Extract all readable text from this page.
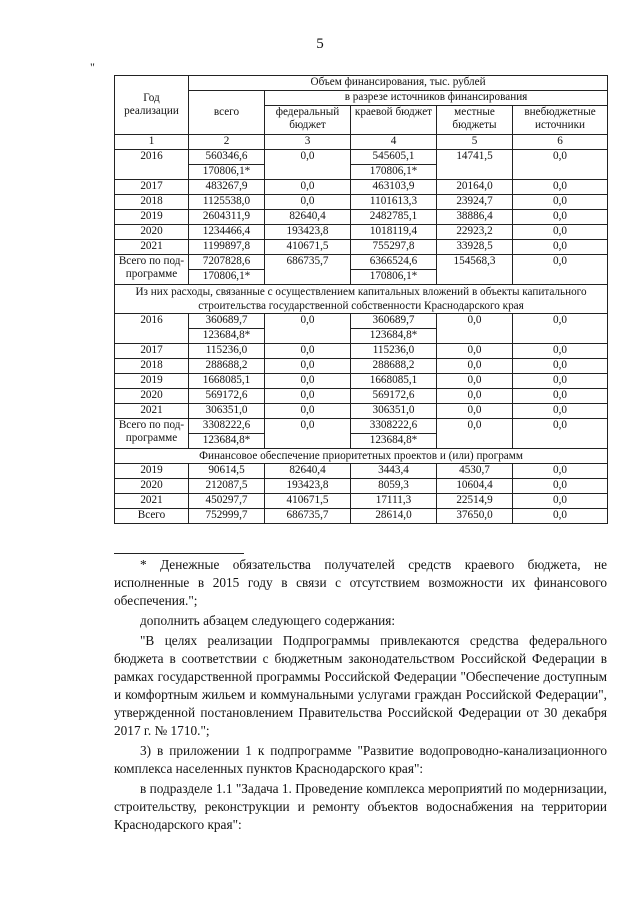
5
"
Год реализации	Объем финансирования, тыс. рублей				
	всего	в разрезе источников финансирования			
		федеральный бюджет	краевой бюджет	местные бюджеты	внебюджетные источники
1	2	3	4	5	6
2016	560346,6	0,0	545605,1	14741,5	0,0
	170806,1*		170806,1*		
2017	483267,9	0,0	463103,9	20164,0	0,0
2018	1125538,0	0,0	1101613,3	23924,7	0,0
2019	2604311,9	82640,4	2482785,1	38886,4	0,0
2020	1234466,4	193423,8	1018119,4	22923,2	0,0
2021	1199897,8	410671,5	755297,8	33928,5	0,0
Всего по под-программе	7207828,6	686735,7	6366524,6	154568,3	0,0
	170806,1*		170806,1*		
Из них расходы, связанные с осуществлением капитальных вложений в объекты капитального строительства государственной собственности Краснодарского края					
2016	360689,7	0,0	360689,7	0,0	0,0
	123684,8*		123684,8*		
2017	115236,0	0,0	115236,0	0,0	0,0
2018	288688,2	0,0	288688,2	0,0	0,0
2019	1668085,1	0,0	1668085,1	0,0	0,0
2020	569172,6	0,0	569172,6	0,0	0,0
2021	306351,0	0,0	306351,0	0,0	0,0
Всего по под-программе	3308222,6	0,0	3308222,6	0,0	0,0
	123684,8*		123684,8*		
Финансовое обеспечение приоритетных проектов и (или) программ					
2019	90614,5	82640,4	3443,4	4530,7	0,0
2020	212087,5	193423,8	8059,3	10604,4	0,0
2021	450297,7	410671,5	17111,3	22514,9	0,0
Всего	752999,7	686735,7	28614,0	37650,0	0,0

* Денежные обязательства получателей средств краевого бюджета, не исполненные в 2015 году в связи с отсутствием возможности их финансового обеспечения.";

дополнить абзацем следующего содержания:

"В целях реализации Подпрограммы привлекаются средства федерального бюджета в соответствии с бюджетным законодательством Российской Федерации в рамках государственной программы Российской Федерации "Обеспечение доступным и комфортным жильем и коммунальными услугами граждан Российской Федерации", утвержденной постановлением Правительства Российской Федерации от 30 декабря 2017 г. № 1710.";

3) в приложении 1 к подпрограмме "Развитие водопроводно-канализационного комплекса населенных пунктов Краснодарского края":

в подразделе 1.1 "Задача 1. Проведение комплекса мероприятий по модернизации, строительству, реконструкции и ремонту объектов водоснабжения на территории Краснодарского края":
